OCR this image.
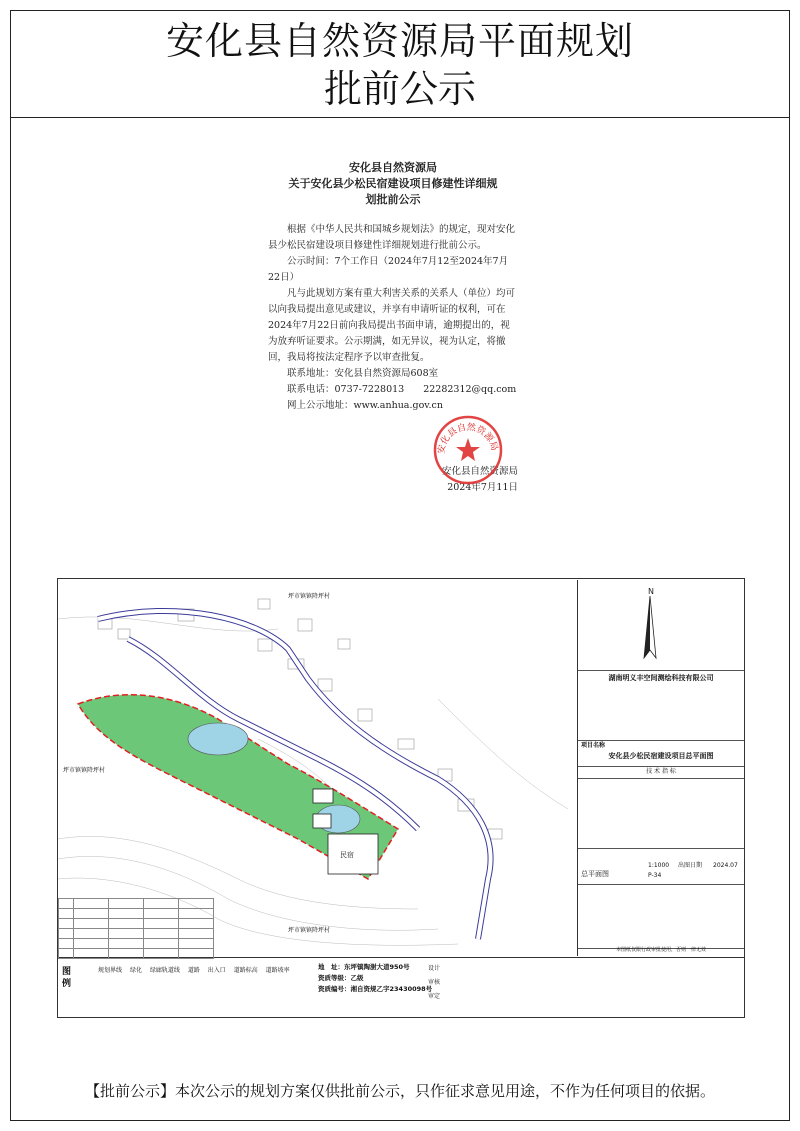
安化县自然资源局平面规划
批前公示
安化县自然资源局
关于安化县少松民宿建设项目修建性详细规
划批前公示

根据《中华人民共和国城乡规划法》的规定，现对安化县少松民宿建设项目修建性详细规划进行批前公示。

公示时间：7个工作日（2024年7月12至2024年7月22日）

凡与此规划方案有重大利害关系的关系人（单位）均可以向我局提出意见或建议，并享有申请听证的权利，可在2024年7月22日前向我局提出书面申请，逾期提出的，视为放弃听证要求。公示期满，如无异议，视为认定，将撤回，我局将按法定程序予以审查批复。

联系地址：安化县自然资源局608室

联系电话：0737-7228013　　22282312@qq.com

网上公示地址：www.anhua.gov.cn

安化县自然资源局
2024年7月11日
安化县自然资源局
民宿
坪市镇镇降坪村
坪市镇镇降坪村
坪市镇镇降坪村

N
湖南明义丰空间测绘科技有限公司
项目名称
安化县少松民宿建设项目总平面图
技 术 指 标
总平面图
1:1000 出图日期 2024.07
P-34
本图纸仅限行政审批使用，否则一律无效
图例
规划界线　 绿化　 绿廊轨道线　 道路　 出入口　 道路标高　 道路坡率	地　址：东坪镇陶澍大道950号
资质等级：乙级
资质编号：湘自资规乙字23430098号
设计
审核
审定
【批前公示】本次公示的规划方案仅供批前公示，只作征求意见用途，不作为任何项目的依据。
